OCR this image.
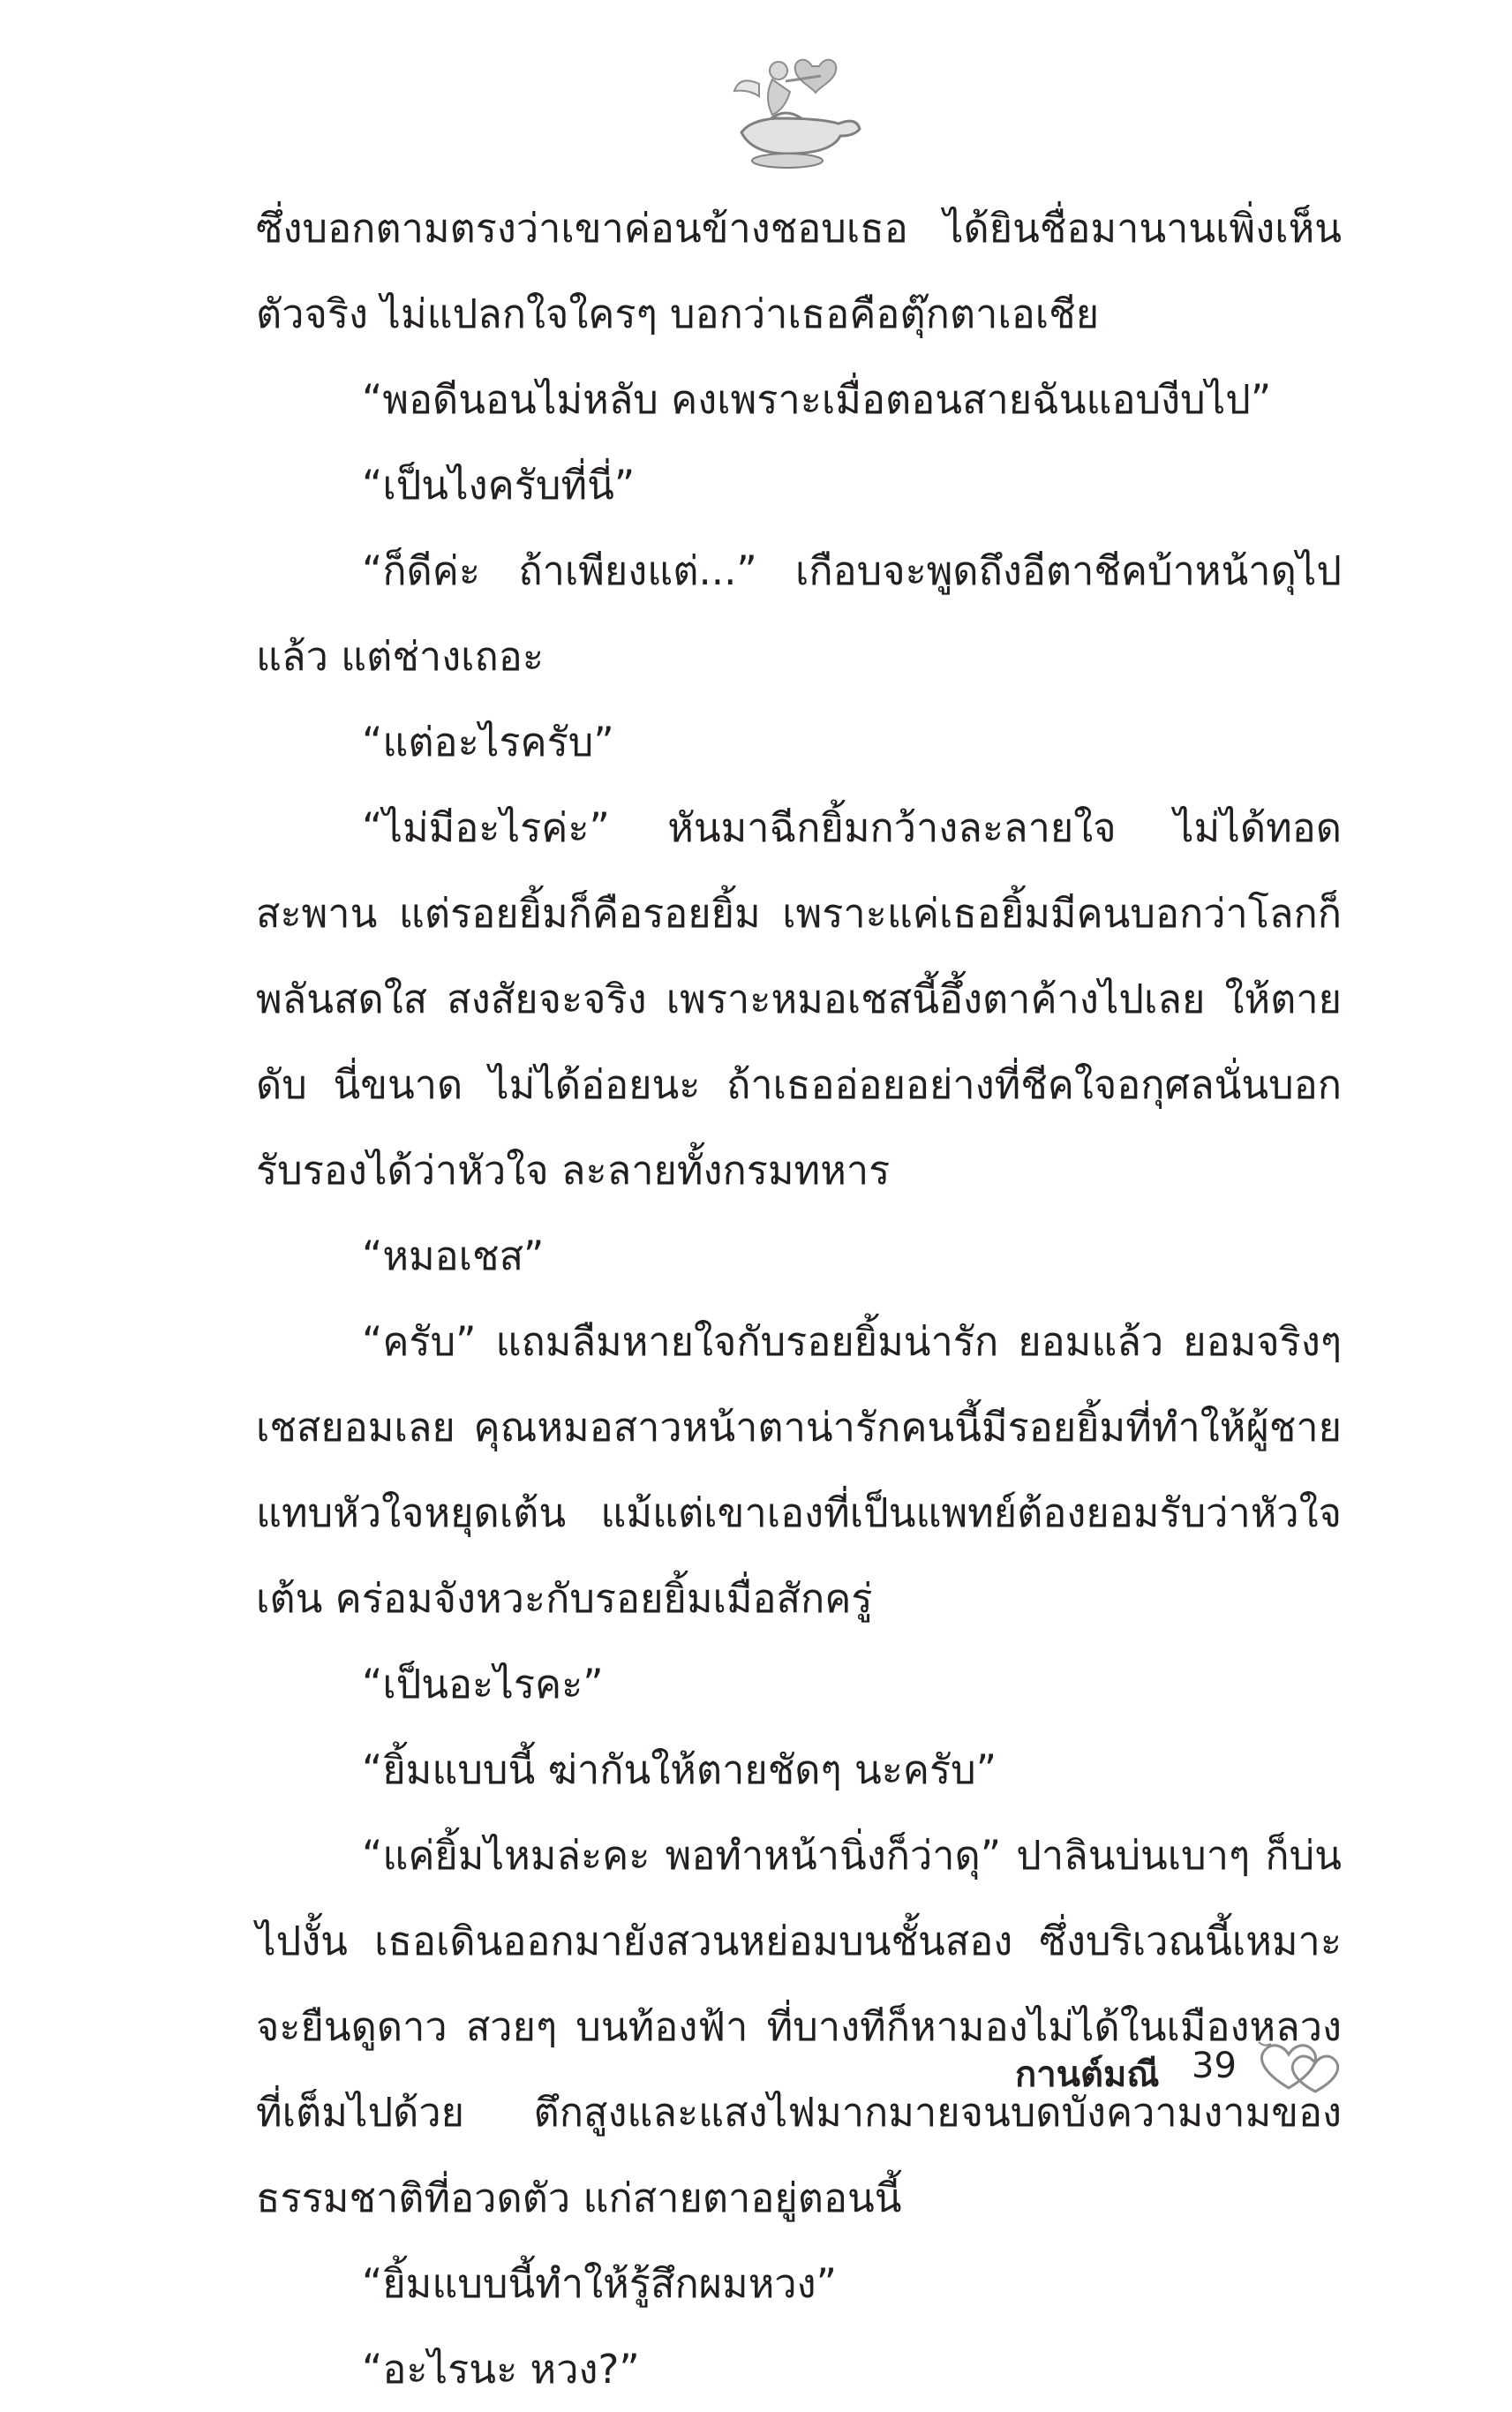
ซึ่งบอกตามตรงว่าเขาค่อนข้างชอบเธอ ได้ยินชื่อมานานเพิ่งเห็นตัวจริง ไม่แปลกใจใครๆ บอกว่าเธอคือตุ๊กตาเอเชีย

“พอดีนอนไม่หลับ คงเพราะเมื่อตอนสายฉันแอบงีบไป”

“เป็นไงครับที่นี่”

“ก็ดีค่ะ ถ้าเพียงแต่...” เกือบจะพูดถึงอีตาชีคบ้าหน้าดุไปแล้ว แต่ช่างเถอะ

“แต่อะไรครับ”

“ไม่มีอะไรค่ะ” หันมาฉีกยิ้มกว้างละลายใจ ไม่ได้ทอดสะพาน แต่รอยยิ้มก็คือรอยยิ้ม เพราะแค่เธอยิ้มมีคนบอกว่าโลกก็พลันสดใส สงสัยจะจริง เพราะหมอเชสนี้อึ้งตาค้างไปเลย ให้ตายดับ นี่ขนาด ไม่ได้อ่อยนะ ถ้าเธออ่อยอย่างที่ชีคใจอกุศลนั่นบอก รับรองได้ว่าหัวใจ ละลายทั้งกรมทหาร

“หมอเชส”

“ครับ” แถมลืมหายใจกับรอยยิ้มน่ารัก ยอมแล้ว ยอมจริงๆ เชสยอมเลย คุณหมอสาวหน้าตาน่ารักคนนี้มีรอยยิ้มที่ทำให้ผู้ชาย แทบหัวใจหยุดเต้น แม้แต่เขาเองที่เป็นแพทย์ต้องยอมรับว่าหัวใจเต้น คร่อมจังหวะกับรอยยิ้มเมื่อสักครู่

“เป็นอะไรคะ”

“ยิ้มแบบนี้ ฆ่ากันให้ตายชัดๆ นะครับ”

“แค่ยิ้มไหมล่ะคะ พอทำหน้านิ่งก็ว่าดุ” ปาลินบ่นเบาๆ ก็บ่นไปงั้น เธอเดินออกมายังสวนหย่อมบนชั้นสอง ซึ่งบริเวณนี้เหมาะจะยืนดูดาว สวยๆ บนท้องฟ้า ที่บางทีก็หามองไม่ได้ในเมืองหลวงที่เต็มไปด้วย ตึกสูงและแสงไฟมากมายจนบดบังความงามของธรรมชาติที่อวดตัว แก่สายตาอยู่ตอนนี้

“ยิ้มแบบนี้ทำให้รู้สึกผมหวง”

“อะไรนะ หวง?”

กานต์มณี 39
